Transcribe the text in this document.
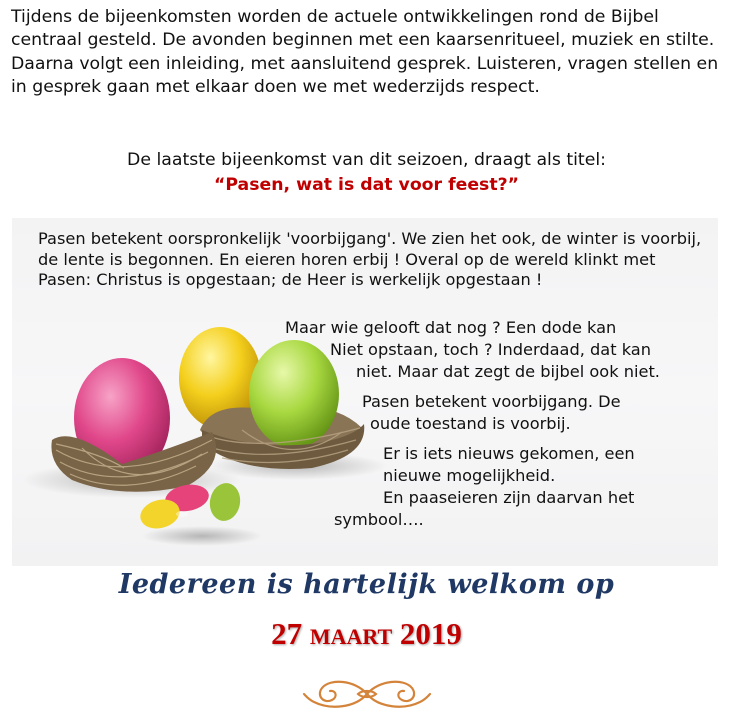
Tijdens de bijeenkomsten worden de actuele ontwikkelingen rond de Bijbel centraal gesteld. De avonden beginnen met een kaarsenritueel, muziek en stilte.

Daarna volgt een inleiding, met aansluitend gesprek. Luisteren, vragen stellen en in gesprek gaan met elkaar doen we met wederzijds respect.

De laatste bijeenkomst van dit seizoen, draagt als titel:

“Pasen, wat is dat voor feest?”

Pasen betekent oorspronkelijk 'voorbijgang'. We zien het ook, de winter is voorbij, de lente is begonnen. En eieren horen erbij ! Overal op de wereld klinkt met Pasen: Christus is opgestaan; de Heer is werkelijk opgestaan !

Maar wie gelooft dat nog ? Een dode kan

Niet opstaan, toch ? Inderdaad, dat kan

niet. Maar dat zegt de bijbel ook niet.

Pasen betekent voorbijgang. De

oude toestand is voorbij.

Er is iets nieuws gekomen, een

nieuwe mogelijkheid.

En paaseieren zijn daarvan het

symbool….

Iedereen is hartelijk welkom op
27 maart 2019
